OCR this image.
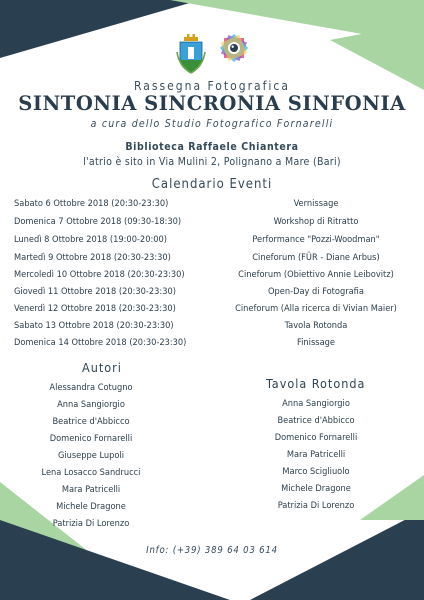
Rassegna Fotografica
SINTONIA SINCRONIA SINFONIA
a cura dello Studio Fotografico Fornarelli
Biblioteca Raffaele Chiantera
l'atrio è sito in Via Mulini 2, Polignano a Mare (Bari)
Calendario Eventi
Sabato 6 Ottobre 2018 (20:30-23:30)	Vernissage
Domenica 7 Ottobre 2018 (09:30-18:30)	Workshop di Ritratto
Lunedì 8 Ottobre 2018 (19:00-20:00)	Performance "Pozzi-Woodman"
Martedì 9 Ottobre 2018 (20:30-23:30)	Cineforum (FÜR - Diane Arbus)
Mercoledì 10 Ottobre 2018 (20:30-23:30)	Cineforum (Obiettivo Annie Leibovitz)
Giovedì 11 Ottobre 2018 (20:30-23:30)	Open-Day di Fotografia
Venerdì 12 Ottobre 2018 (20:30-23:30)	Cineforum (Alla ricerca di Vivian Maier)
Sabato 13 Ottobre 2018 (20:30-23:30)	Tavola Rotonda
Domenica 14 Ottobre 2018 (20:30-23:30)	Finissage
Autori
Alessandra Cotugno
Anna Sangiorgio
Beatrice d'Abbicco
Domenico Fornarelli
Giuseppe Lupoli
Lena Losacco Sandrucci
Mara Patricelli
Michele Dragone
Patrizia Di Lorenzo
Tavola Rotonda
Anna Sangiorgio
Beatrice d'Abbicco
Domenico Fornarelli
Mara Patricelli
Marco Scigliuolo
Michele Dragone
Patrizia Di Lorenzo
Info: (+39) 389 64 03 614
